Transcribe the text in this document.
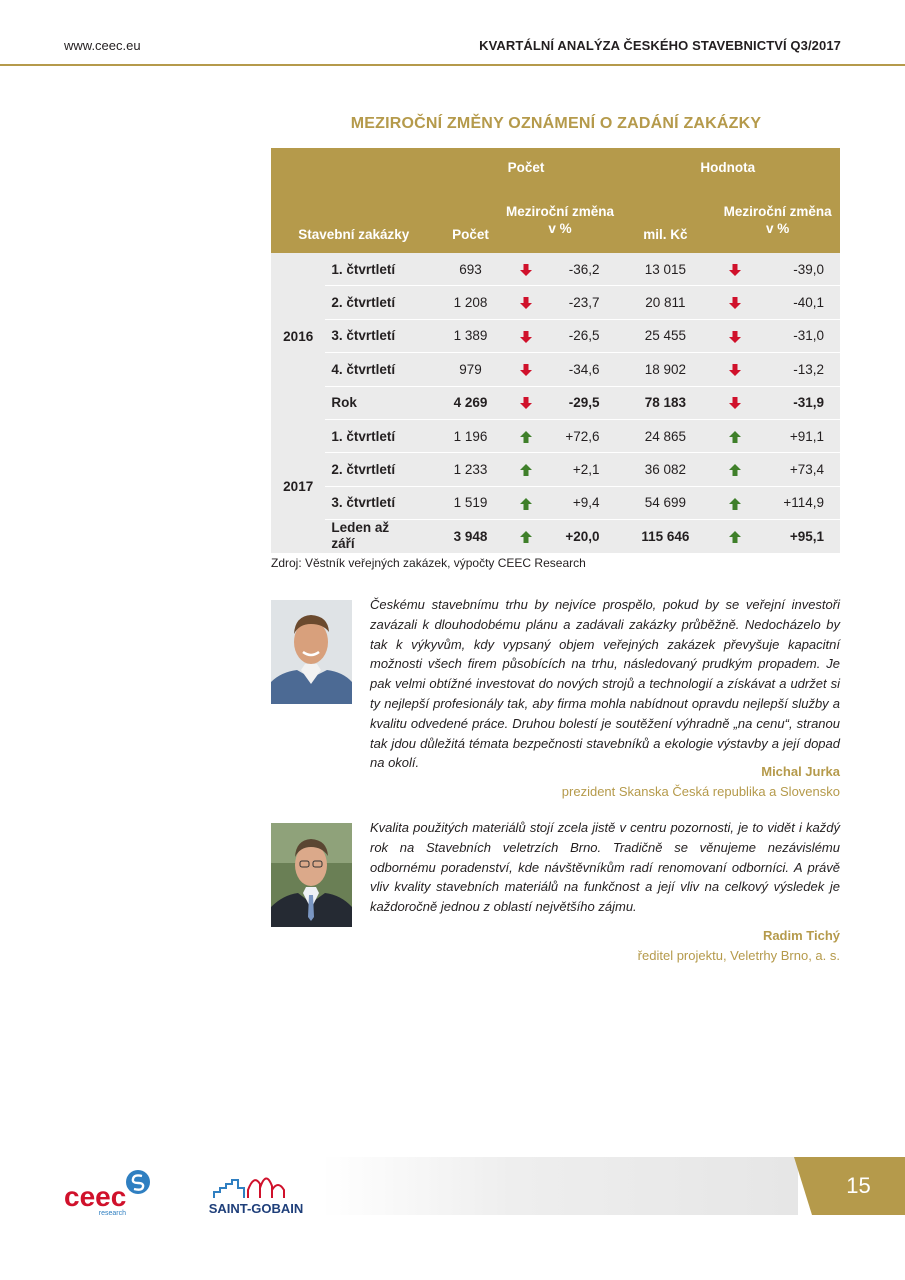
www.ceec.eu	KVARTÁLNÍ ANALÝZA ČESKÉHO STAVEBNICTVÍ Q3/2017
MEZIROČNÍ ZMĚNY OZNÁMENÍ O ZADÁNÍ ZAKÁZKY
		Počet			Hodnota		
Stavební zakázky		Počet	Meziroční změna
v %		mil. Kč	Meziroční změna
v %	
2016	1. čtvrtletí	693		-36,2	13 015		-39,0
	2. čtvrtletí	1 208		-23,7	20 811		-40,1
	3. čtvrtletí	1 389		-26,5	25 455		-31,0
	4. čtvrtletí	979		-34,6	18 902		-13,2
	Rok	4 269		-29,5	78 183		-31,9
2017	1. čtvrtletí	1 196		+72,6	24 865		+91,1
	2. čtvrtletí	1 233		+2,1	36 082		+73,4
	3. čtvrtletí	1 519		+9,4	54 699		+114,9
	Leden až
září	3 948		+20,0	115 646		+95,1
Zdroj: Věstník veřejných zakázek, výpočty CEEC Research
Českému stavebnímu trhu by nejvíce prospělo, pokud by se veřejní investoři zavázali k dlouhodobému plánu a zadávali zakázky průběžně. Nedocházelo by tak k výkyvům, kdy vypsaný objem veřejných zakázek převyšuje kapacitní možnosti všech firem působících na trhu, následovaný prudkým propadem. Je pak velmi obtížné investovat do nových strojů a technologií a získávat a udržet si ty nejlepší profesionály tak, aby firma mohla nabídnout opravdu nejlepší služby a kvalitu odvedené práce. Druhou bolestí je soutěžení výhradně „na cenu“, stranou tak jdou důležitá témata bezpečnosti stavebníků a ekologie výstavby a její dopad na okolí.
Michal Jurka
prezident Skanska Česká republika a Slovensko
Kvalita použitých materiálů stojí zcela jistě v centru pozornosti, je to vidět i každý rok na Stavebních veletrzích Brno. Tradičně se věnujeme nezávislému odbornému poradenství, kde návštěvníkům radí renomovaní odborníci. A právě vliv kvality stavebních materiálů na funkčnost a její vliv na celkový výsledek je každoročně jednou z oblastí největšího zájmu.
Radim Tichý
ředitel projektu, Veletrhy Brno, a. s.
ceec
research	SAINT-GOBAIN
15
